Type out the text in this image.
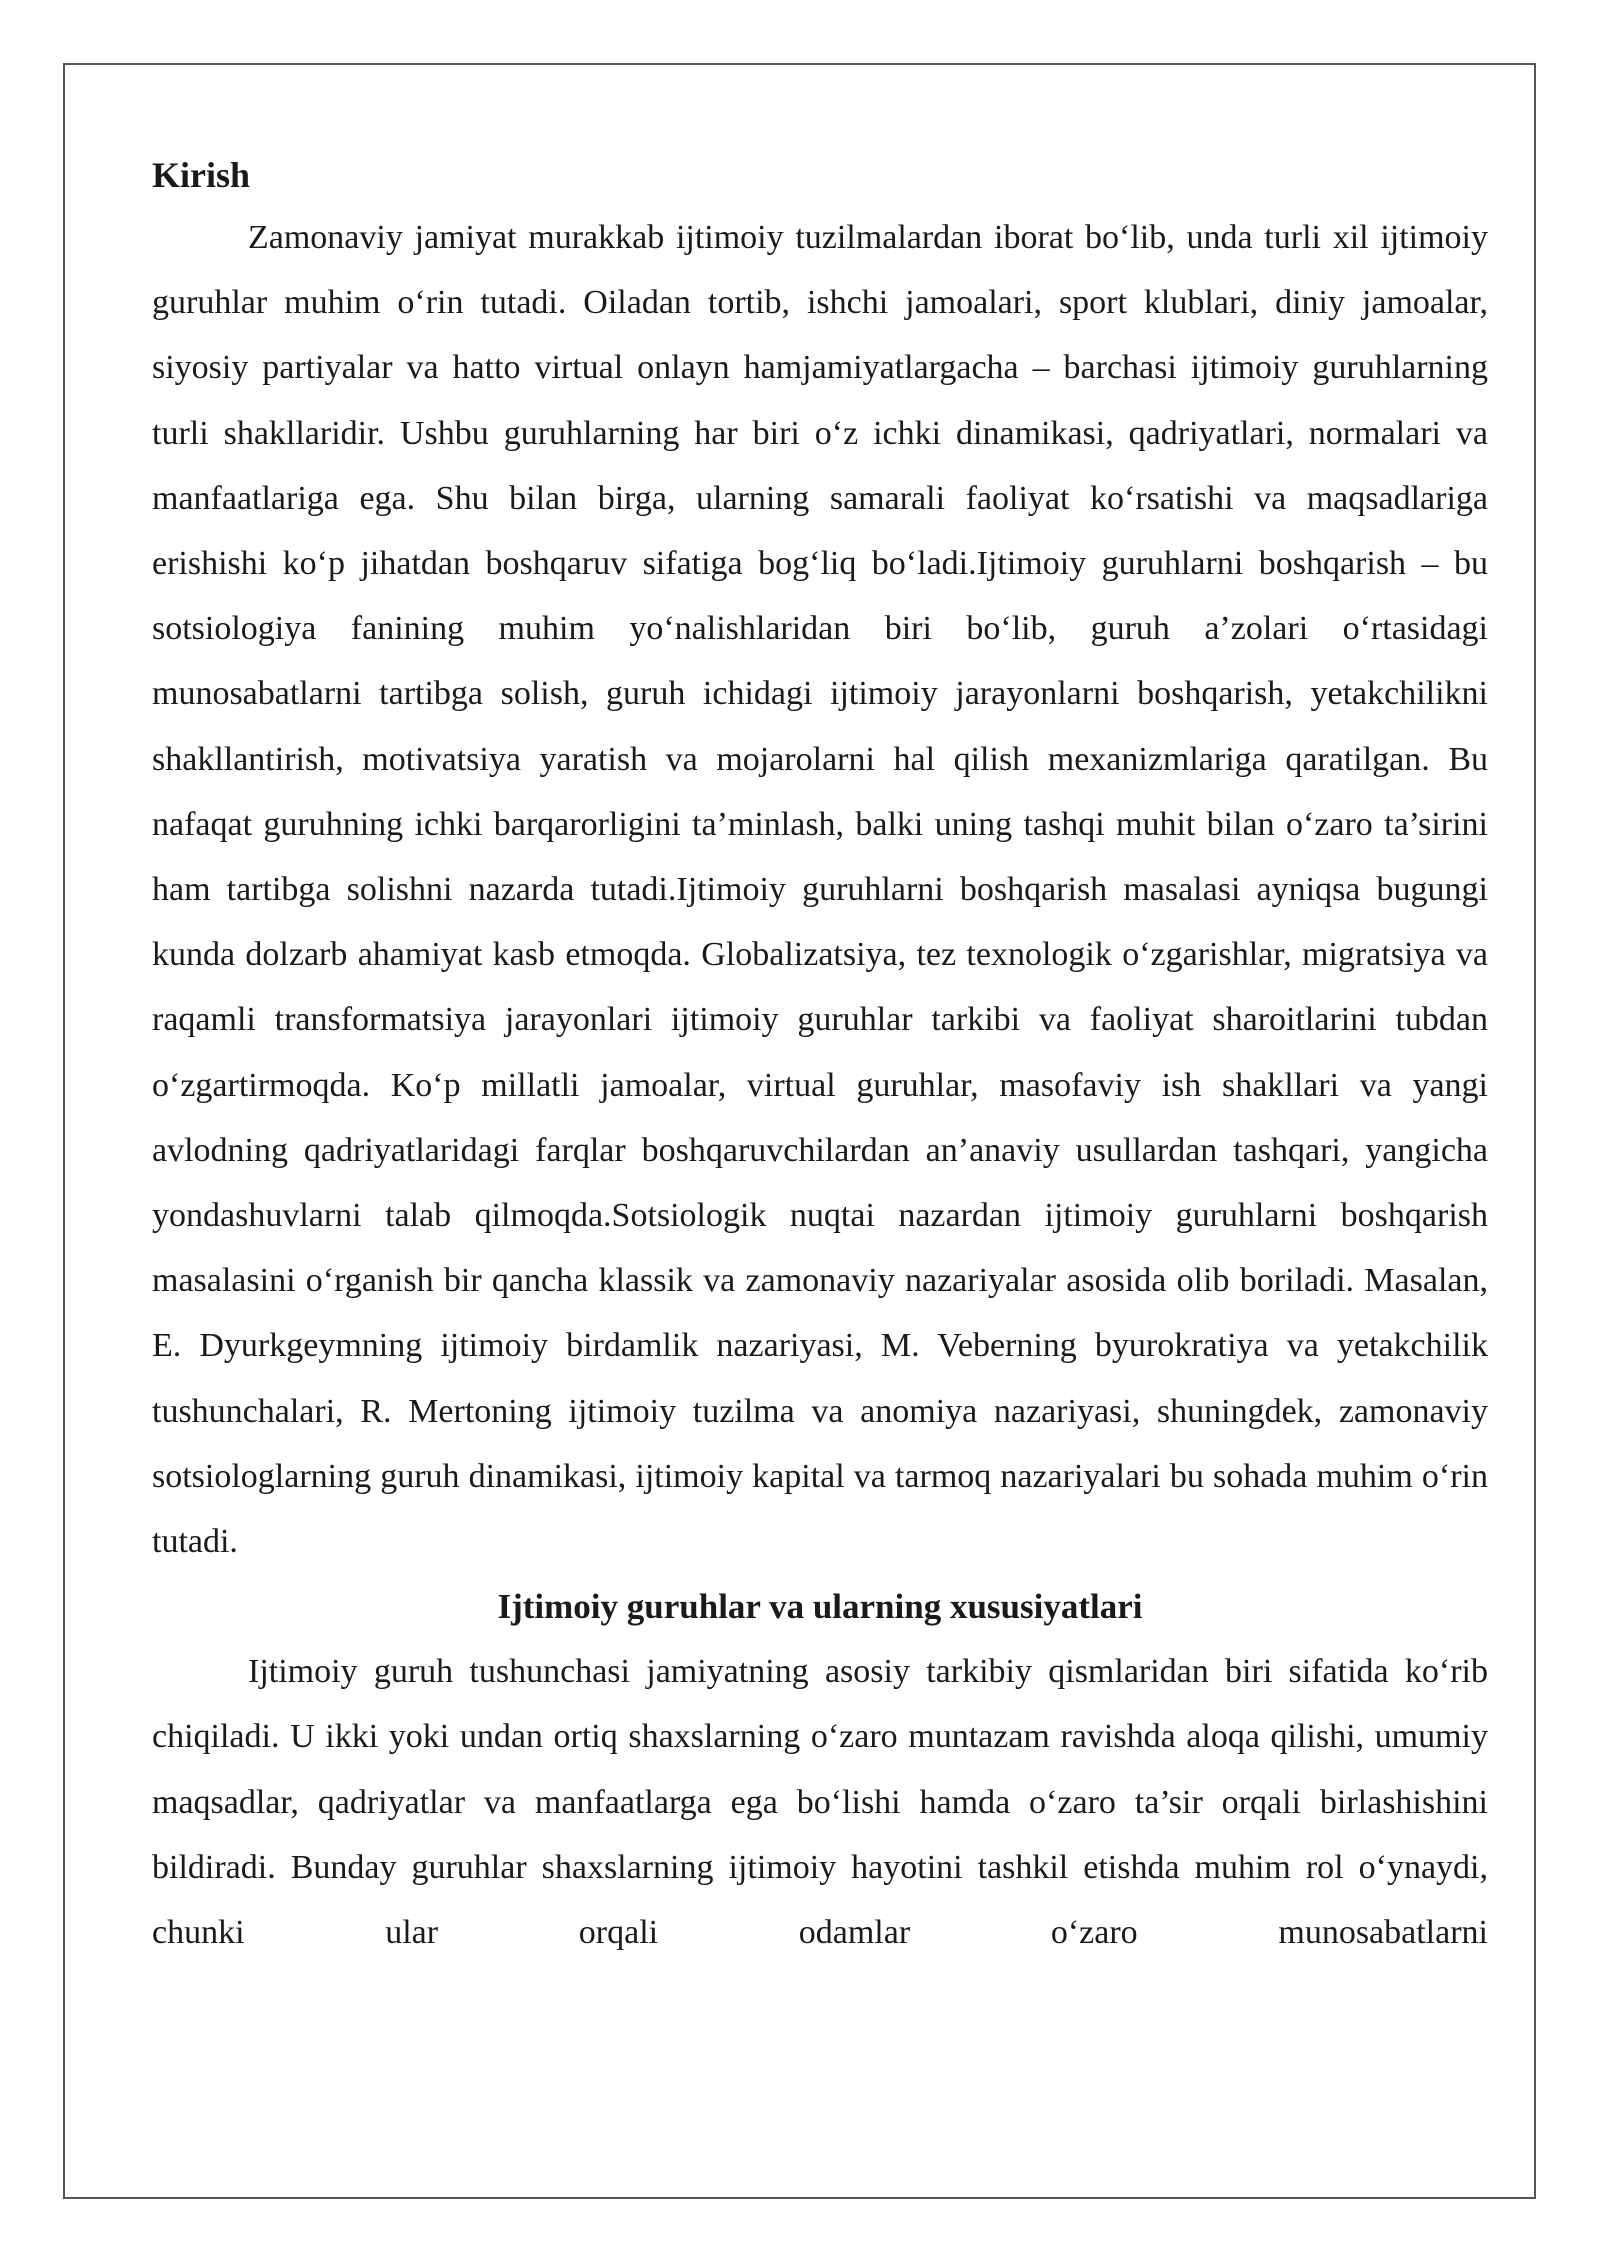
Kirish

Zamonaviy jamiyat murakkab ijtimoiy tuzilmalardan iborat bo‘lib, unda turli xil ijtimoiy guruhlar muhim o‘rin tutadi. Oiladan tortib, ishchi jamoalari, sport klublari, diniy jamoalar, siyosiy partiyalar va hatto virtual onlayn hamjamiyatlargacha – barchasi ijtimoiy guruhlarning turli shakllaridir. Ushbu guruhlarning har biri o‘z ichki dinamikasi, qadriyatlari, normalari va manfaatlariga ega. Shu bilan birga, ularning samarali faoliyat ko‘rsatishi va maqsadlariga erishishi ko‘p jihatdan boshqaruv sifatiga bog‘liq bo‘ladi.Ijtimoiy guruhlarni boshqarish – bu sotsiologiya fanining muhim yo‘nalishlaridan biri bo‘lib, guruh a’zolari o‘rtasidagi munosabatlarni tartibga solish, guruh ichidagi ijtimoiy jarayonlarni boshqarish, yetakchilikni shakllantirish, motivatsiya yaratish va mojarolarni hal qilish mexanizmlariga qaratilgan. Bu nafaqat guruhning ichki barqarorligini ta’minlash, balki uning tashqi muhit bilan o‘zaro ta’sirini ham tartibga solishni nazarda tutadi.Ijtimoiy guruhlarni boshqarish masalasi ayniqsa bugungi kunda dolzarb ahamiyat kasb etmoqda. Globalizatsiya, tez texnologik o‘zgarishlar, migratsiya va raqamli transformatsiya jarayonlari ijtimoiy guruhlar tarkibi va faoliyat sharoitlarini tubdan o‘zgartirmoqda. Ko‘p millatli jamoalar, virtual guruhlar, masofaviy ish shakllari va yangi avlodning qadriyatlaridagi farqlar boshqaruvchilardan an’anaviy usullardan tashqari, yangicha yondashuvlarni talab qilmoqda.Sotsiologik nuqtai nazardan ijtimoiy guruhlarni boshqarish masalasini o‘rganish bir qancha klassik va zamonaviy nazariyalar asosida olib boriladi. Masalan, E. Dyurkgeymning ijtimoiy birdamlik nazariyasi, M. Veberning byurokratiya va yetakchilik tushunchalari, R. Mertoning ijtimoiy tuzilma va anomiya nazariyasi, shuningdek, zamonaviy sotsiologlarning guruh dinamikasi, ijtimoiy kapital va tarmoq nazariyalari bu sohada muhim o‘rin tutadi.

Ijtimoiy guruhlar va ularning xususiyatlari

Ijtimoiy guruh tushunchasi jamiyatning asosiy tarkibiy qismlaridan biri sifatida ko‘rib chiqiladi. U ikki yoki undan ortiq shaxslarning o‘zaro muntazam ravishda aloqa qilishi, umumiy maqsadlar, qadriyatlar va manfaatlarga ega bo‘lishi hamda o‘zaro ta’sir orqali birlashishini bildiradi. Bunday guruhlar shaxslarning ijtimoiy hayotini tashkil etishda muhim rol o‘ynaydi, chunki ular orqali odamlar o‘zaro munosabatlarni
